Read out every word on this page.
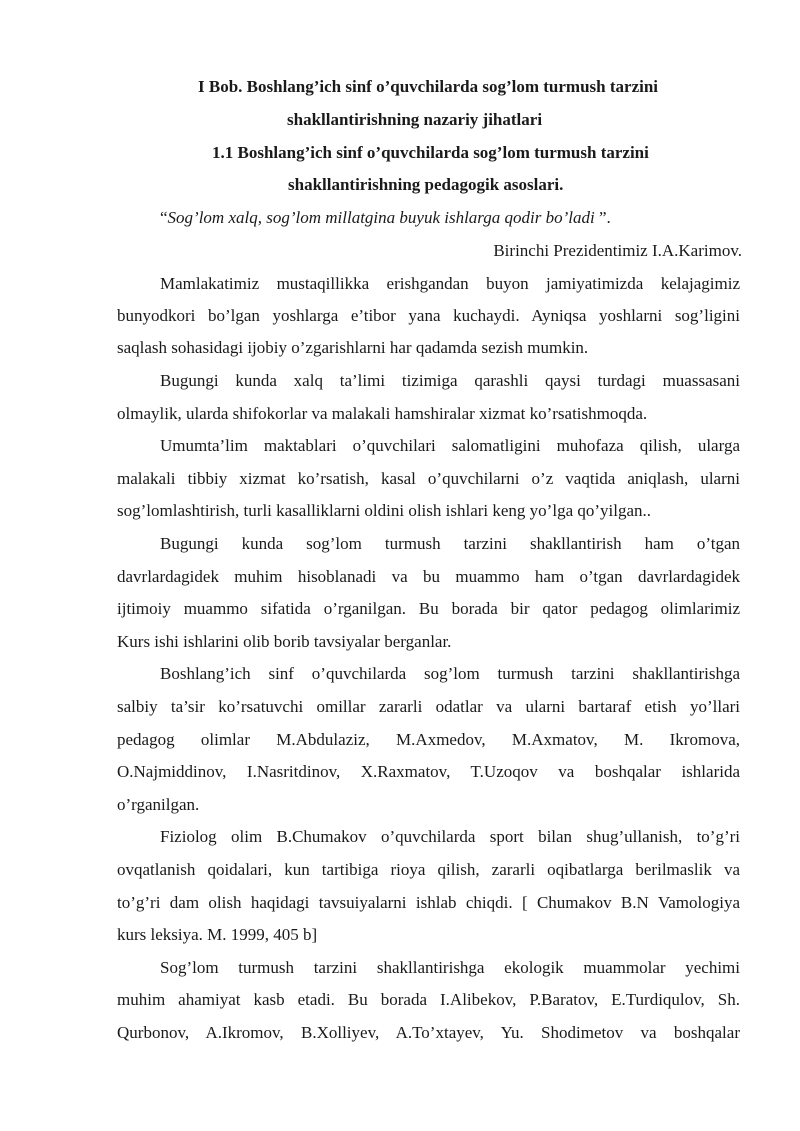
I Bob. Boshlang’ich sinf o’quvchilarda sog’lom turmush tarzini
shakllantirishning nazariy jihatlari
1.1 Boshlang’ich sinf o’quvchilarda sog’lom turmush tarzini
shakllantirishning pedagogik asoslari.
“Sog’lom xalq, sog’lom millatgina buyuk ishlarga qodir bo’ladi ”.
Birinchi Prezidentimiz I.A.Karimov.
Mamlakatimiz mustaqillikka erishgandan buyon jamiyatimizda kelajagimiz
bunyodkori bo’lgan yoshlarga e’tibor yana kuchaydi. Ayniqsa yoshlarni sog’ligini
saqlash sohasidagi ijobiy o’zgarishlarni har qadamda sezish mumkin.
Bugungi kunda xalq ta’limi tizimiga qarashli qaysi turdagi muassasani
olmaylik, ularda shifokorlar va malakali hamshiralar xizmat ko’rsatishmoqda.
Umumta’lim maktablari o’quvchilari salomatligini muhofaza qilish, ularga
malakali tibbiy xizmat ko’rsatish, kasal o’quvchilarni o’z vaqtida aniqlash, ularni
sog’lomlashtirish, turli kasalliklarni oldini olish ishlari keng yo’lga qo’yilgan..
Bugungi kunda sog’lom turmush tarzini shakllantirish ham o’tgan
davrlardagidek muhim hisoblanadi va bu muammo ham o’tgan davrlardagidek
ijtimoiy muammo sifatida o’rganilgan. Bu borada bir qator pedagog olimlarimiz
Kurs ishi ishlarini olib borib tavsiyalar berganlar.
Boshlang’ich sinf o’quvchilarda sog’lom turmush tarzini shakllantirishga
salbiy ta’sir ko’rsatuvchi omillar zararli odatlar va ularni bartaraf etish yo’llari
pedagog olimlar M.Abdulaziz, M.Axmedov, M.Axmatov, M. Ikromova,
O.Najmiddinov, I.Nasritdinov, X.Raxmatov, T.Uzoqov va boshqalar ishlarida
o’rganilgan.
Fiziolog olim B.Chumakov o’quvchilarda sport bilan shug’ullanish, to’g’ri
ovqatlanish qoidalari, kun tartibiga rioya qilish, zararli oqibatlarga berilmaslik va
to’g’ri dam olish haqidagi tavsuiyalarni ishlab chiqdi. [ Chumakov B.N Vamologiya
kurs leksiya. M. 1999, 405 b]
Sog’lom turmush tarzini shakllantirishga ekologik muammolar yechimi
muhim ahamiyat kasb etadi. Bu borada I.Alibekov, P.Baratov, E.Turdiqulov, Sh.
Qurbonov, A.Ikromov, B.Xolliyev, A.To’xtayev, Yu. Shodimetov va boshqalar
